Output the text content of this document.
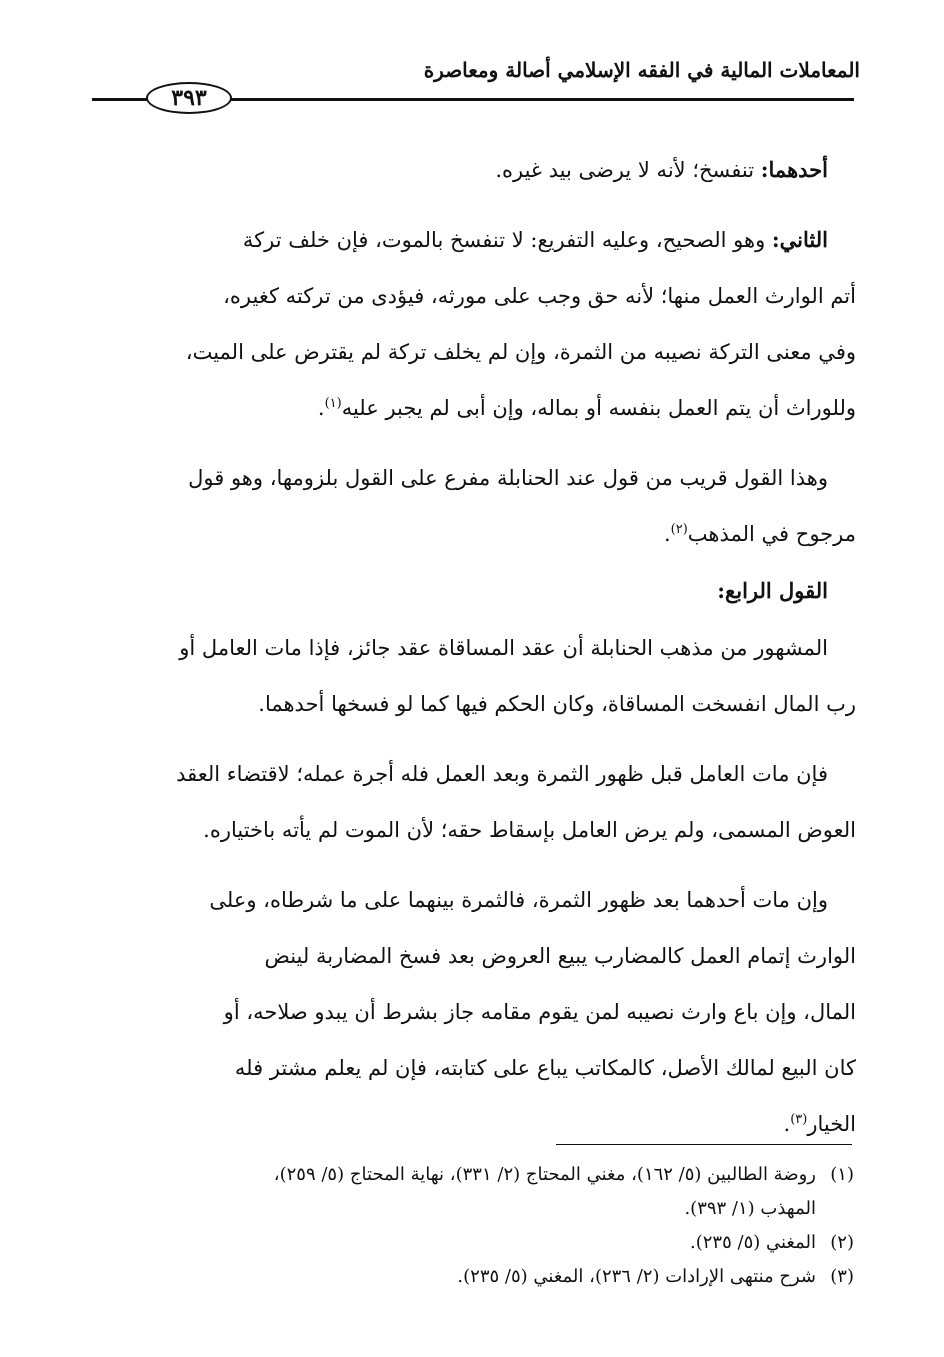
المعاملات المالية في الفقه الإسلامي أصالة ومعاصرة
٣٩٣
أحدهما: تنفسخ؛ لأنه لا يرضى بيد غيره.
الثاني: وهو الصحيح، وعليه التفريع: لا تنفسخ بالموت، فإن خلف تركة
أتم الوارث العمل منها؛ لأنه حق وجب على مورثه، فيؤدى من تركته كغيره،
وفي معنى التركة نصيبه من الثمرة، وإن لم يخلف تركة لم يقترض على الميت،
وللوراث أن يتم العمل بنفسه أو بماله، وإن أبى لم يجبر عليه$^{(١)}$.
وهذا القول قريب من قول عند الحنابلة مفرع على القول بلزومها، وهو قول
مرجوح في المذهب$^{(٢)}$.
القول الرابع:
المشهور من مذهب الحنابلة أن عقد المساقاة عقد جائز، فإذا مات العامل أو
رب المال انفسخت المساقاة، وكان الحكم فيها كما لو فسخها أحدهما.
فإن مات العامل قبل ظهور الثمرة وبعد العمل فله أجرة عمله؛ لاقتضاء العقد
العوض المسمى، ولم يرض العامل بإسقاط حقه؛ لأن الموت لم يأته باختياره.
وإن مات أحدهما بعد ظهور الثمرة، فالثمرة بينهما على ما شرطاه، وعلى
الوارث إتمام العمل كالمضارب يبيع العروض بعد فسخ المضاربة لينض
المال، وإن باع وارث نصيبه لمن يقوم مقامه جاز بشرط أن يبدو صلاحه، أو
كان البيع لمالك الأصل، كالمكاتب يباع على كتابته، فإن لم يعلم مشتر فله
الخيار$^{(٣)}$.
(١)
روضة الطالبين (٥/ ١٦٢)، مغني المحتاج (٢/ ٣٣١)، نهاية المحتاج (٥/ ٢٥٩)،
المهذب (١/ ٣٩٣).
(٢)
المغني (٥/ ٢٣٥).
(٣)
شرح منتهى الإرادات (٢/ ٢٣٦)، المغني (٥/ ٢٣٥).
